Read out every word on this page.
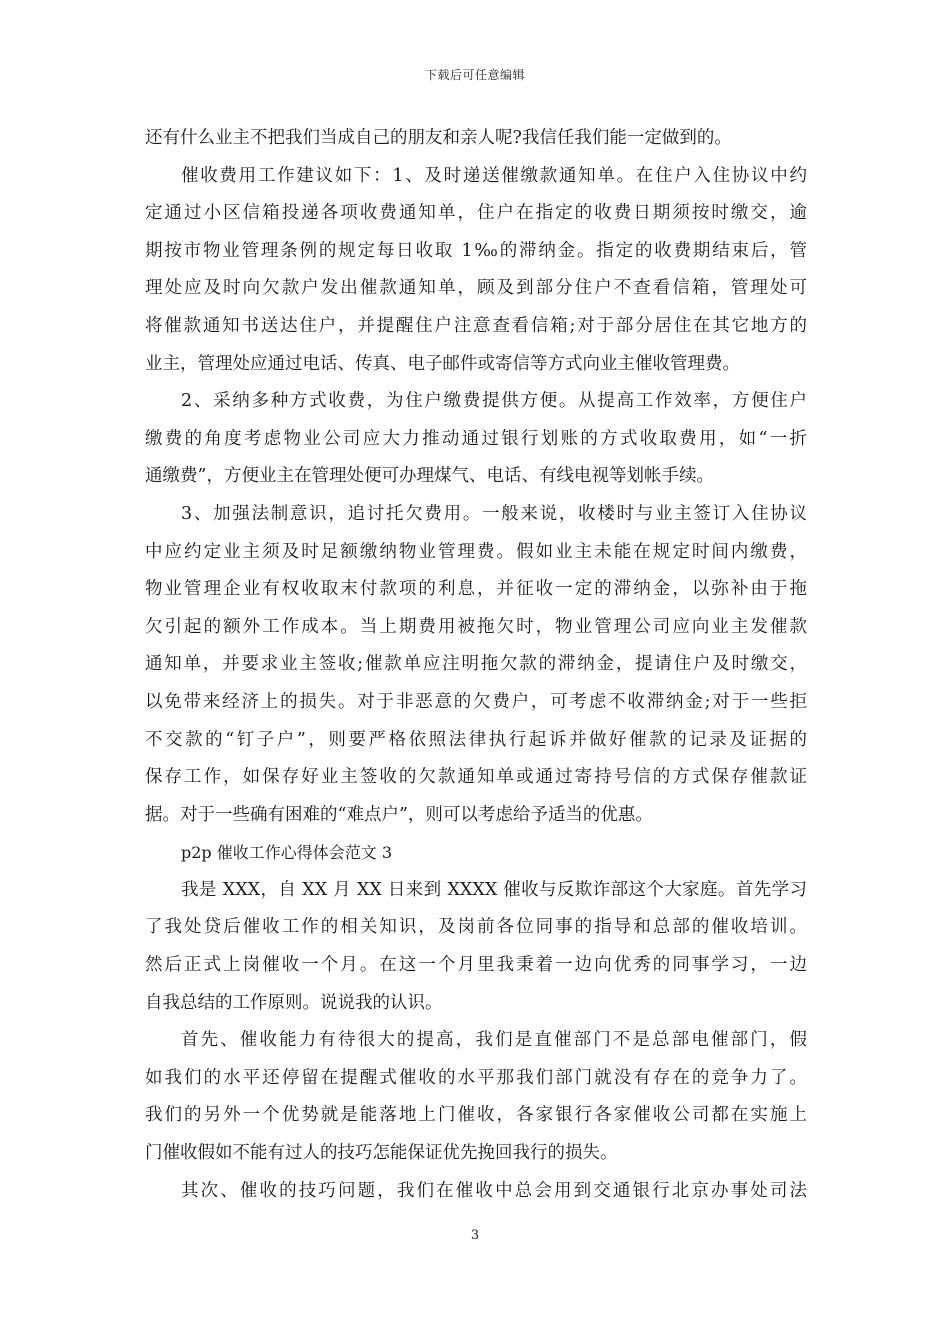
下载后可任意编辑
还有什么业主不把我们当成自己的朋友和亲人呢?我信任我们能一定做到的。
催收费用工作建议如下：1、及时递送催缴款通知单。在住户入住协议中约
定通过小区信箱投递各项收费通知单，住户在指定的收费日期须按时缴交，逾
期按市物业管理条例的规定每日收取 1‰的滞纳金。指定的收费期结束后，管
理处应及时向欠款户发出催款通知单，顾及到部分住户不查看信箱，管理处可
将催款通知书送达住户，并提醒住户注意查看信箱;对于部分居住在其它地方的
业主，管理处应通过电话、传真、电子邮件或寄信等方式向业主催收管理费。
2、采纳多种方式收费，为住户缴费提供方便。从提高工作效率，方便住户
缴费的角度考虑物业公司应大力推动通过银行划账的方式收取费用，如“一折
通缴费”，方便业主在管理处便可办理煤气、电话、有线电视等划帐手续。
3、加强法制意识，追讨托欠费用。一般来说，收楼时与业主签订入住协议
中应约定业主须及时足额缴纳物业管理费。假如业主未能在规定时间内缴费，
物业管理企业有权收取末付款项的利息，并征收一定的滞纳金，以弥补由于拖
欠引起的额外工作成本。当上期费用被拖欠时，物业管理公司应向业主发催款
通知单，并要求业主签收;催款单应注明拖欠款的滞纳金，提请住户及时缴交，
以免带来经济上的损失。对于非恶意的欠费户，可考虑不收滞纳金;对于一些拒
不交款的“钉子户”，则要严格依照法律执行起诉并做好催款的记录及证据的
保存工作，如保存好业主签收的欠款通知单或通过寄持号信的方式保存催款证
据。对于一些确有困难的“难点户”，则可以考虑给予适当的优惠。
p2p 催收工作心得体会范文 3
我是 XXX，自 XX 月 XX 日来到 XXXX 催收与反欺诈部这个大家庭。首先学习
了我处贷后催收工作的相关知识，及岗前各位同事的指导和总部的催收培训。
然后正式上岗催收一个月。在这一个月里我秉着一边向优秀的同事学习，一边
自我总结的工作原则。说说我的认识。
首先、催收能力有待很大的提高，我们是直催部门不是总部电催部门，假
如我们的水平还停留在提醒式催收的水平那我们部门就没有存在的竞争力了。
我们的另外一个优势就是能落地上门催收，各家银行各家催收公司都在实施上
门催收假如不能有过人的技巧怎能保证优先挽回我行的损失。
其次、催收的技巧问题，我们在催收中总会用到交通银行北京办事处司法
3
